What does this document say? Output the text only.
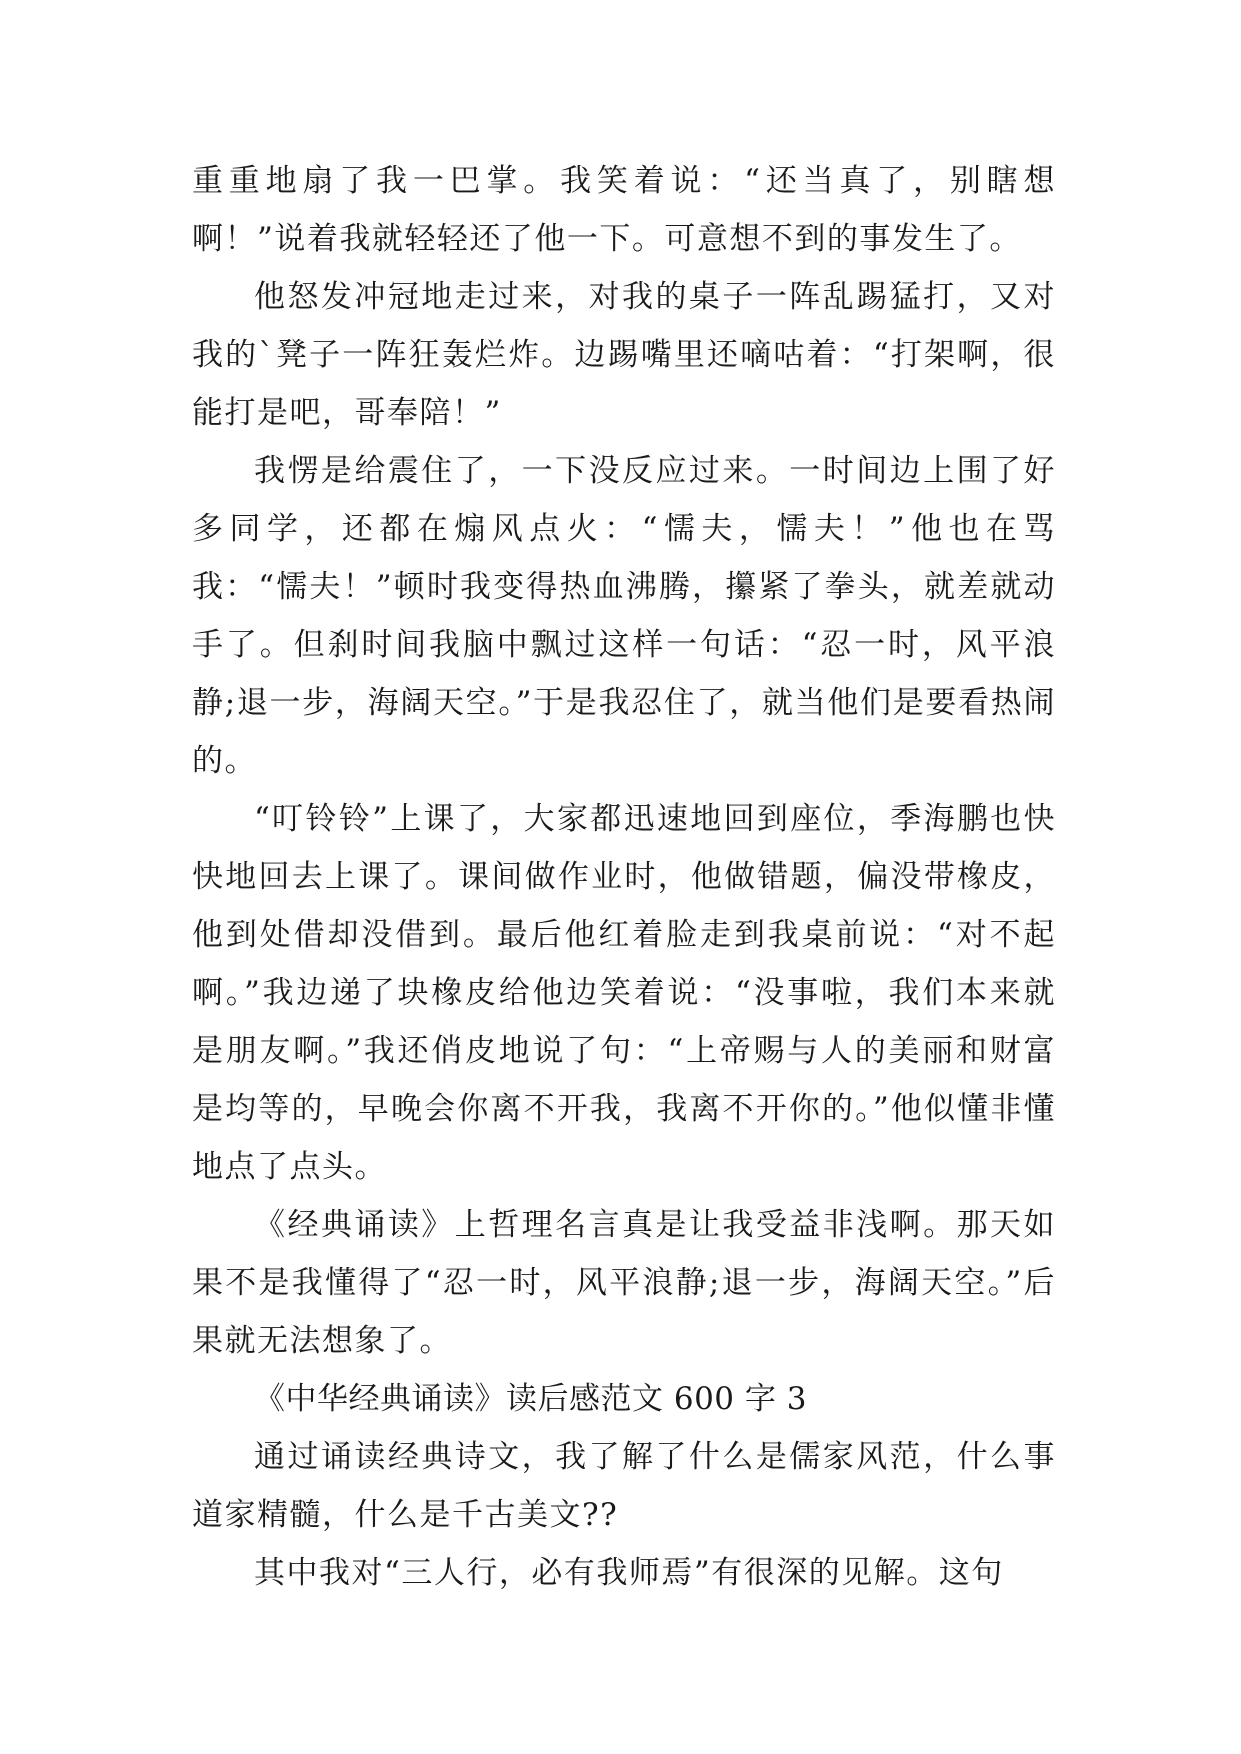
重重地扇了我一巴掌。我笑着说：“还当真了，别瞎想啊！”说着我就轻轻还了他一下。可意想不到的事发生了。

他怒发冲冠地走过来，对我的桌子一阵乱踢猛打，又对我的`凳子一阵狂轰烂炸。边踢嘴里还嘀咕着：“打架啊，很能打是吧，哥奉陪！”

我愣是给震住了，一下没反应过来。一时间边上围了好多同学，还都在煽风点火：“懦夫，懦夫！”他也在骂我：“懦夫！”顿时我变得热血沸腾，攥紧了拳头，就差就动手了。但刹时间我脑中飘过这样一句话：“忍一时，风平浪静;退一步，海阔天空。”于是我忍住了，就当他们是要看热闹的。

“叮铃铃”上课了，大家都迅速地回到座位，季海鹏也快快地回去上课了。课间做作业时，他做错题，偏没带橡皮，他到处借却没借到。最后他红着脸走到我桌前说：“对不起啊。”我边递了块橡皮给他边笑着说：“没事啦，我们本来就是朋友啊。”我还俏皮地说了句：“上帝赐与人的美丽和财富是均等的，早晚会你离不开我，我离不开你的。”他似懂非懂地点了点头。

《经典诵读》上哲理名言真是让我受益非浅啊。那天如果不是我懂得了“忍一时，风平浪静;退一步，海阔天空。”后果就无法想象了。

《中华经典诵读》读后感范文 600 字 3

通过诵读经典诗文，我了解了什么是儒家风范，什么事道家精髓，什么是千古美文??

其中我对“三人行，必有我师焉”有很深的见解。这句
